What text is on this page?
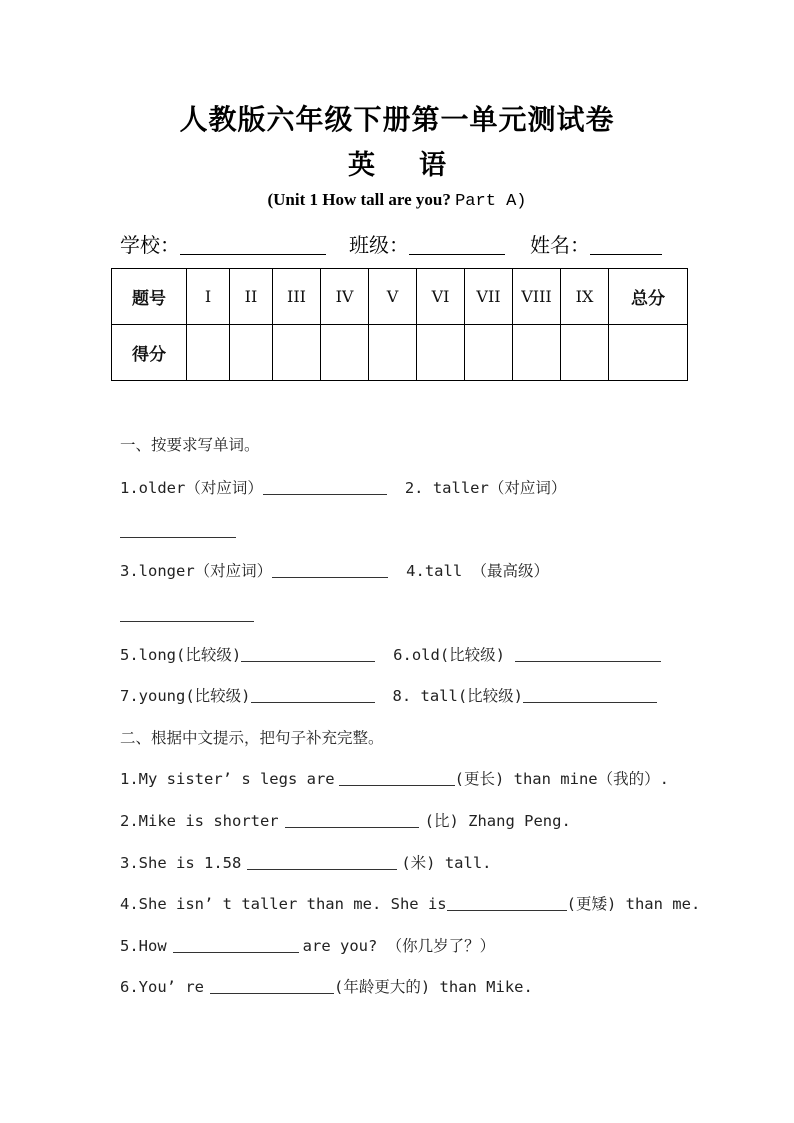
人教版六年级下册第一单元测试卷
英 语
(Unit 1 How tall are you? Part A)
学校：	班级：	姓名：
题号	I	II	III	IV	V	VI	VII	VIII	IX	总分
得分										
一、按要求写单词。
1.older（对应词）	2. taller（对应词）
3.longer（对应词）	4.tall （最高级）
5.long(比较级)	6.old(比较级)
7.young(比较级)	8. tall(比较级)
二、根据中文提示，把句子补充完整。
1.My sister’ s legs are	(更长) than mine（我的）.
2.Mike is shorter	(比) Zhang Peng.
3.She is 1.58	(米) tall.
4.She isn’ t taller than me. She is	(更矮) than me.
5.How	are you? （你几岁了？）
6.You’ re	(年龄更大的) than Mike.
